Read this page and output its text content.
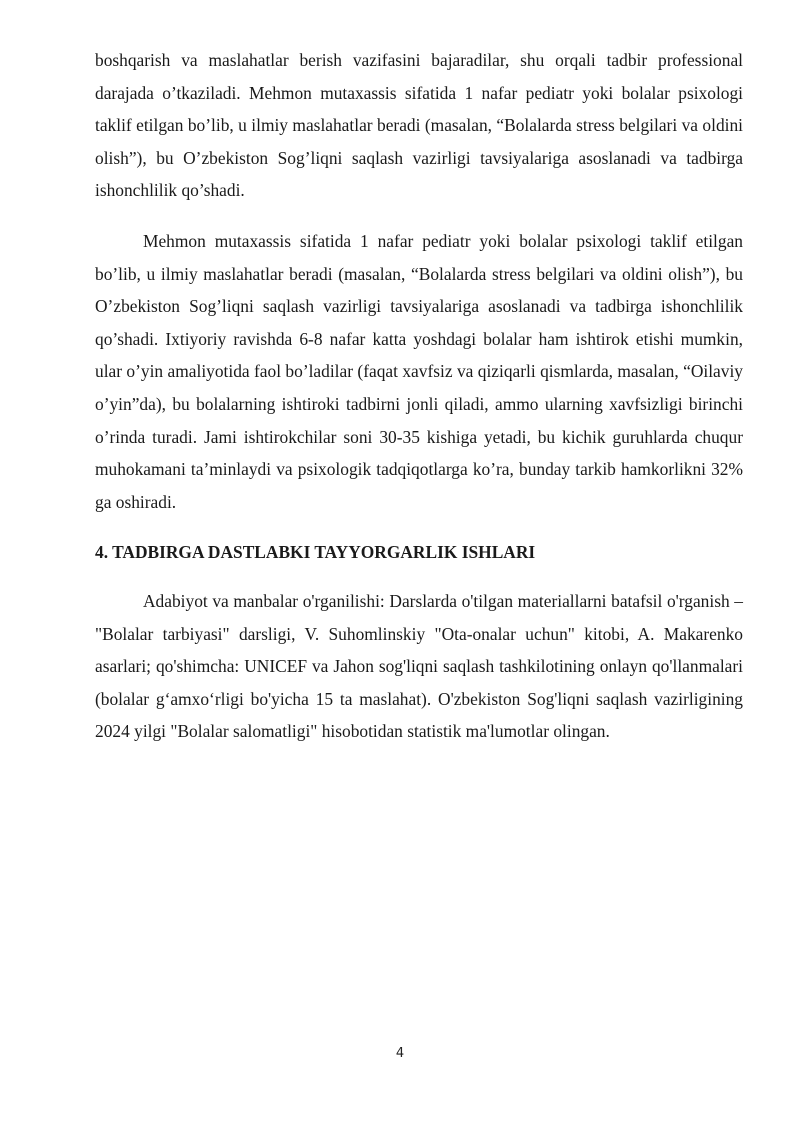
boshqarish va maslahatlar berish vazifasini bajaradilar, shu orqali tadbir professional darajada o’tkaziladi. Mehmon mutaxassis sifatida 1 nafar pediatr yoki bolalar psixologi taklif etilgan bo’lib, u ilmiy maslahatlar beradi (masalan, “Bolalarda stress belgilari va oldini olish”), bu O’zbekiston Sog’liqni saqlash vazirligi tavsiyalariga asoslanadi va tadbirga ishonchlilik qo’shadi.

Mehmon mutaxassis sifatida 1 nafar pediatr yoki bolalar psixologi taklif etilgan bo’lib, u ilmiy maslahatlar beradi (masalan, “Bolalarda stress belgilari va oldini olish”), bu O’zbekiston Sog’liqni saqlash vazirligi tavsiyalariga asoslanadi va tadbirga ishonchlilik qo’shadi. Ixtiyoriy ravishda 6-8 nafar katta yoshdagi bolalar ham ishtirok etishi mumkin, ular o’yin amaliyotida faol bo’ladilar (faqat xavfsiz va qiziqarli qismlarda, masalan, “Oilaviy o’yin”da), bu bolalarning ishtiroki tadbirni jonli qiladi, ammo ularning xavfsizligi birinchi o’rinda turadi. Jami ishtirokchilar soni 30-35 kishiga yetadi, bu kichik guruhlarda chuqur muhokamani ta’minlaydi va psixologik tadqiqotlarga ko’ra, bunday tarkib hamkorlikni 32% ga oshiradi.

4. TADBIRGA DASTLABKI TAYYORGARLIK ISHLARI

Adabiyot va manbalar o'rganilishi: Darslarda o'tilgan materiallarni batafsil o'rganish – "Bolalar tarbiyasi" darsligi, V. Suhomlinskiy "Ota-onalar uchun" kitobi, A. Makarenko asarlari; qo'shimcha: UNICEF va Jahon sog'liqni saqlash tashkilotining onlayn qo'llanmalari (bolalar g‘amxo‘rligi bo'yicha 15 ta maslahat). O'zbekiston Sog'liqni saqlash vazirligining 2024 yilgi "Bolalar salomatligi" hisobotidan statistik ma'lumotlar olingan.

4
